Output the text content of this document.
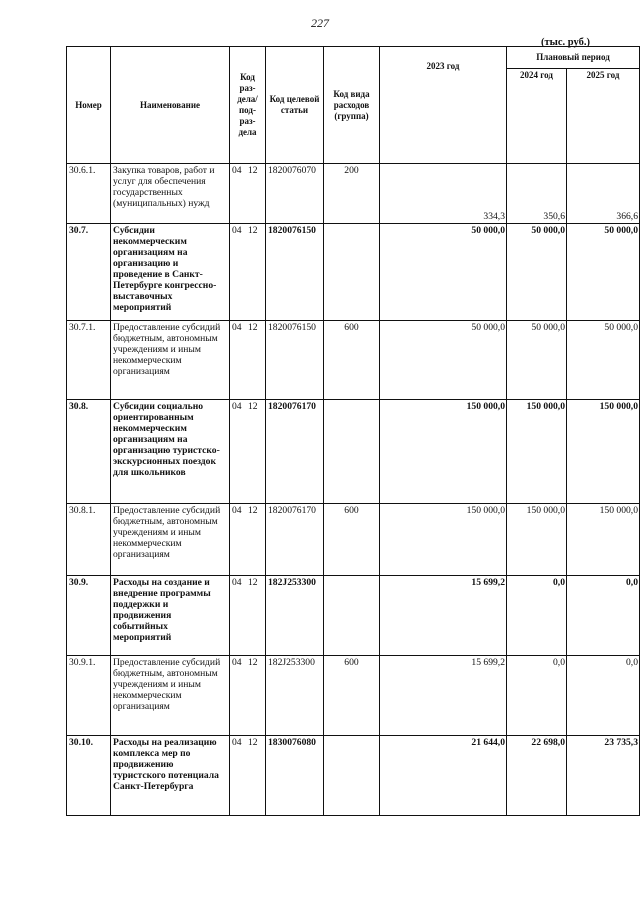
227
(тыс. руб.)
Номер	Наименование	Код раз-дела/ под-раз-дела	Код целевой статьи	Код вида расходов (группа)	2023 год	Плановый период	
						2024 год	2025 год
30.6.1.	Закупка товаров, работ и услуг для обеспечения государственных (муниципальных) нужд	04 12	1820076070	200	334,3	350,6	366,6
30.7.	Субсидии некоммерческим организациям на организацию и проведение в Санкт-Петербурге конгрессно-выставочных мероприятий	04 12	1820076150		50 000,0	50 000,0	50 000,0
30.7.1.	Предоставление субсидий бюджетным, автономным учреждениям и иным некоммерческим организациям	04 12	1820076150	600	50 000,0	50 000,0	50 000,0
30.8.	Субсидии социально ориентированным некоммерческим организациям на организацию туристско-экскурсионных поездок для школьников	04 12	1820076170		150 000,0	150 000,0	150 000,0
30.8.1.	Предоставление субсидий бюджетным, автономным учреждениям и иным некоммерческим организациям	04 12	1820076170	600	150 000,0	150 000,0	150 000,0
30.9.	Расходы на создание и внедрение программы поддержки и продвижения событийных мероприятий	04 12	182J253300		15 699,2	0,0	0,0
30.9.1.	Предоставление субсидий бюджетным, автономным учреждениям и иным некоммерческим организациям	04 12	182J253300	600	15 699,2	0,0	0,0
30.10.	Расходы на реализацию комплекса мер по продвижению туристского потенциала Санкт-Петербурга	04 12	1830076080		21 644,0	22 698,0	23 735,3
